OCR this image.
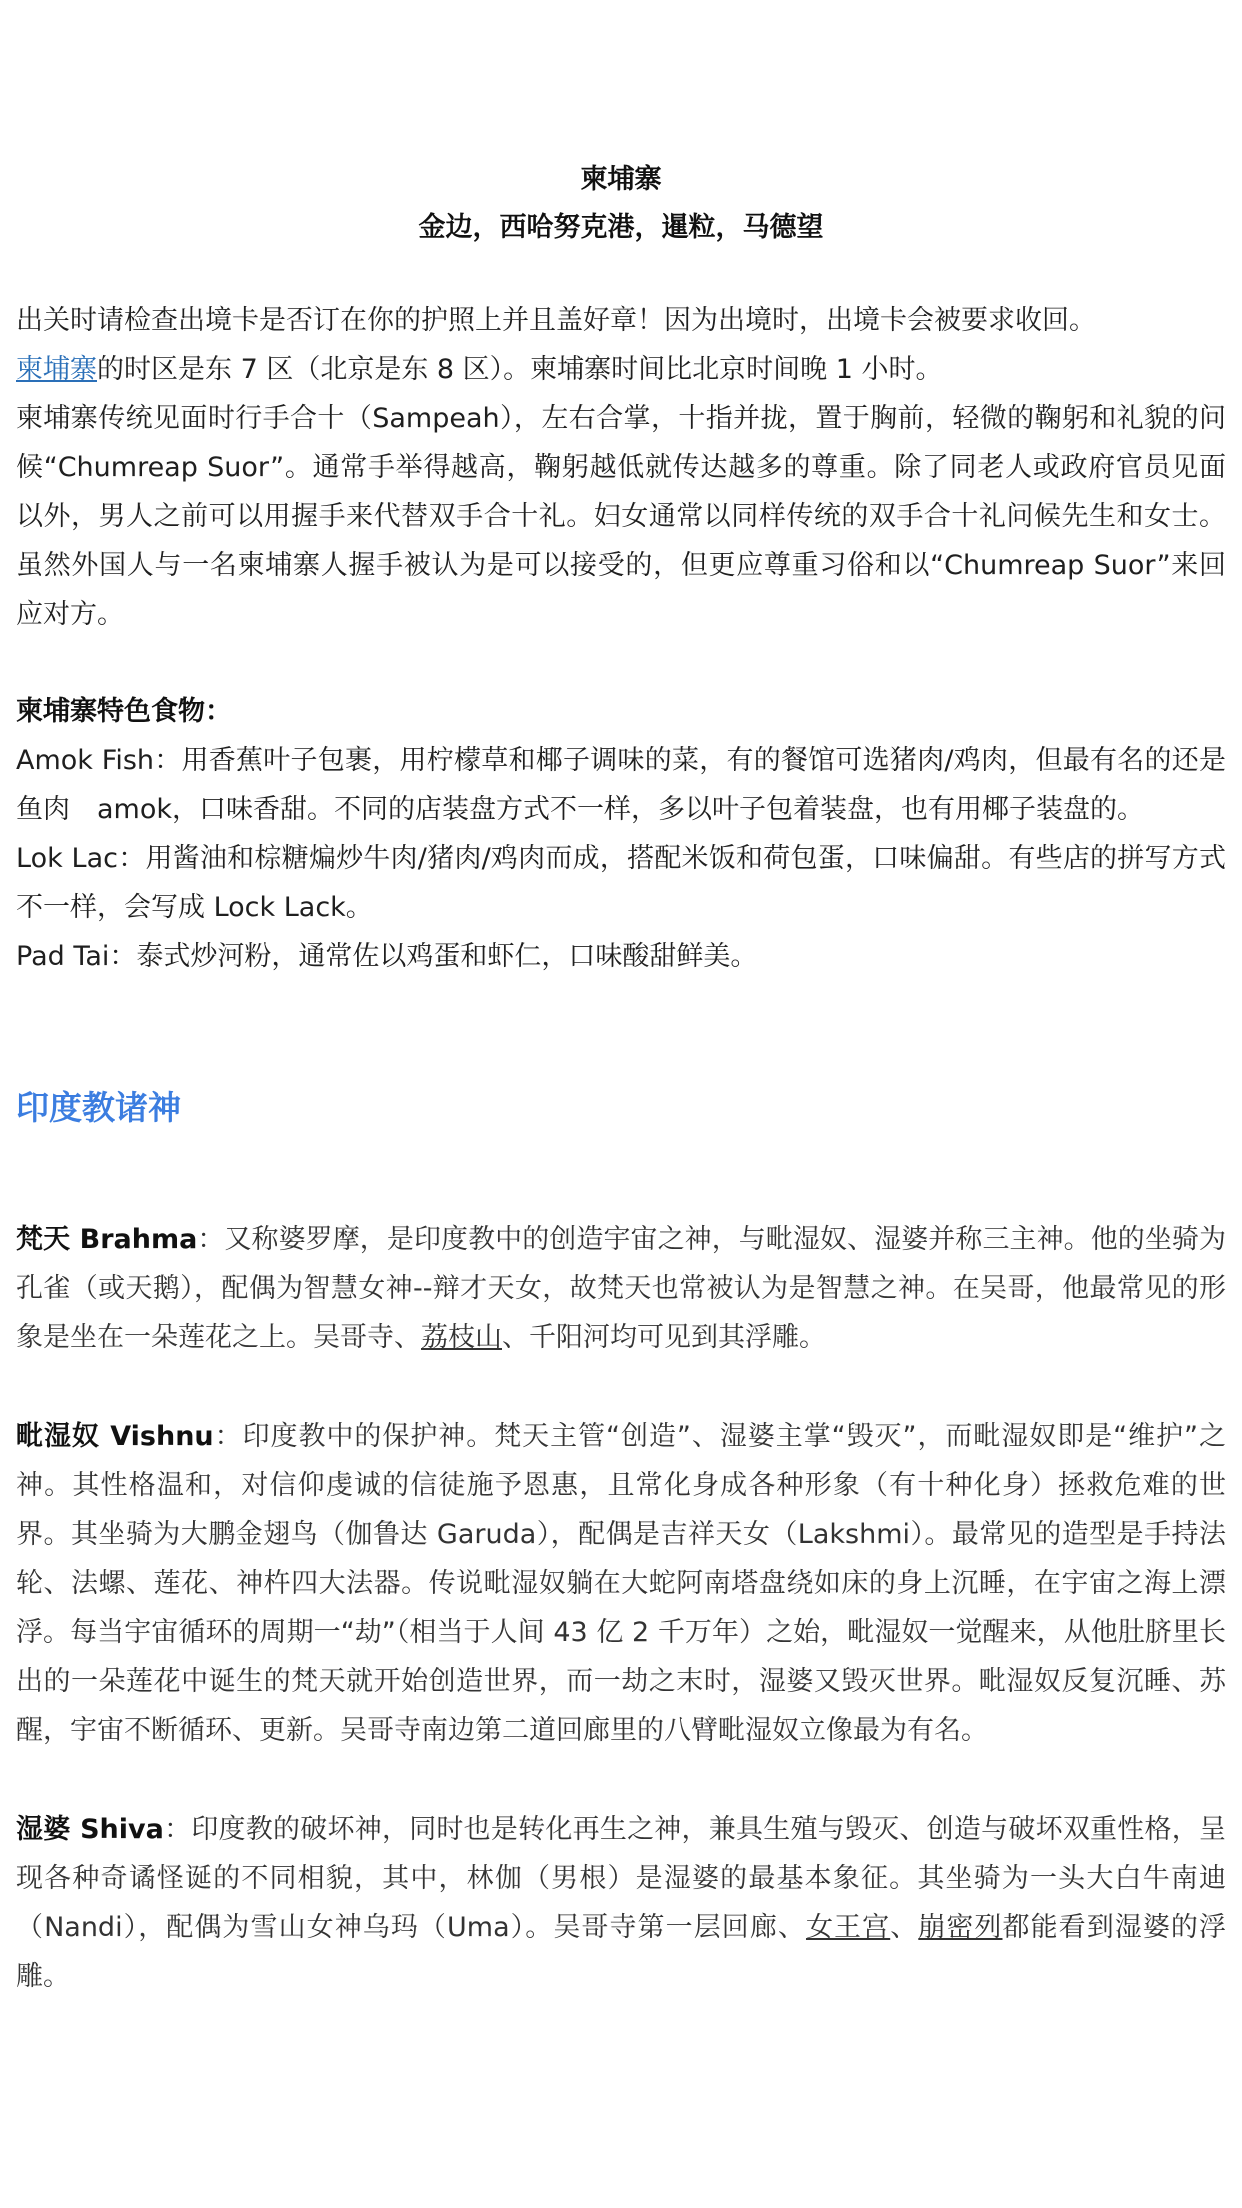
柬埔寨
金边，西哈努克港，暹粒，马德望

出关时请检查出境卡是否订在你的护照上并且盖好章！因为出境时，出境卡会被要求收回。

柬埔寨的时区是东 7 区（北京是东 8 区）。柬埔寨时间比北京时间晚 1 小时。

柬埔寨传统见面时行手合十（Sampeah），左右合掌，十指并拢，置于胸前，轻微的鞠躬和礼貌的问候“Chumreap Suor”。通常手举得越高，鞠躬越低就传达越多的尊重。除了同老人或政府官员见面以外，男人之前可以用握手来代替双手合十礼。妇女通常以同样传统的双手合十礼问候先生和女士。虽然外国人与一名柬埔寨人握手被认为是可以接受的，但更应尊重习俗和以“Chumreap Suor”来回应对方。

柬埔寨特色食物：

Amok Fish：用香蕉叶子包裹，用柠檬草和椰子调味的菜，有的餐馆可选猪肉/鸡肉，但最有名的还是鱼肉　amok，口味香甜。不同的店装盘方式不一样，多以叶子包着装盘，也有用椰子装盘的。

Lok Lac：用酱油和棕糖煸炒牛肉/猪肉/鸡肉而成，搭配米饭和荷包蛋，口味偏甜。有些店的拼写方式不一样，会写成 Lock Lack。

Pad Tai：泰式炒河粉，通常佐以鸡蛋和虾仁，口味酸甜鲜美。

印度教诸神

梵天 Brahma：又称婆罗摩，是印度教中的创造宇宙之神，与毗湿奴、湿婆并称三主神。他的坐骑为孔雀（或天鹅），配偶为智慧女神--辩才天女，故梵天也常被认为是智慧之神。在吴哥，他最常见的形象是坐在一朵莲花之上。吴哥寺、荔枝山、千阳河均可见到其浮雕。

毗湿奴 Vishnu：印度教中的保护神。梵天主管“创造”、湿婆主掌“毁灭”，而毗湿奴即是“维护”之神。其性格温和，对信仰虔诚的信徒施予恩惠，且常化身成各种形象（有十种化身）拯救危难的世界。其坐骑为大鹏金翅鸟（伽鲁达 Garuda），配偶是吉祥天女（Lakshmi）。最常见的造型是手持法轮、法螺、莲花、神杵四大法器。传说毗湿奴躺在大蛇阿南塔盘绕如床的身上沉睡，在宇宙之海上漂浮。每当宇宙循环的周期一“劫”（相当于人间 43 亿 2 千万年）之始，毗湿奴一觉醒来，从他肚脐里长出的一朵莲花中诞生的梵天就开始创造世界，而一劫之末时，湿婆又毁灭世界。毗湿奴反复沉睡、苏醒，宇宙不断循环、更新。吴哥寺南边第二道回廊里的八臂毗湿奴立像最为有名。

湿婆 Shiva：印度教的破坏神，同时也是转化再生之神，兼具生殖与毁灭、创造与破坏双重性格，呈现各种奇谲怪诞的不同相貌，其中，林伽（男根）是湿婆的最基本象征。其坐骑为一头大白牛南迪（Nandi），配偶为雪山女神乌玛（Uma）。吴哥寺第一层回廊、女王宫、崩密列都能看到湿婆的浮雕。
